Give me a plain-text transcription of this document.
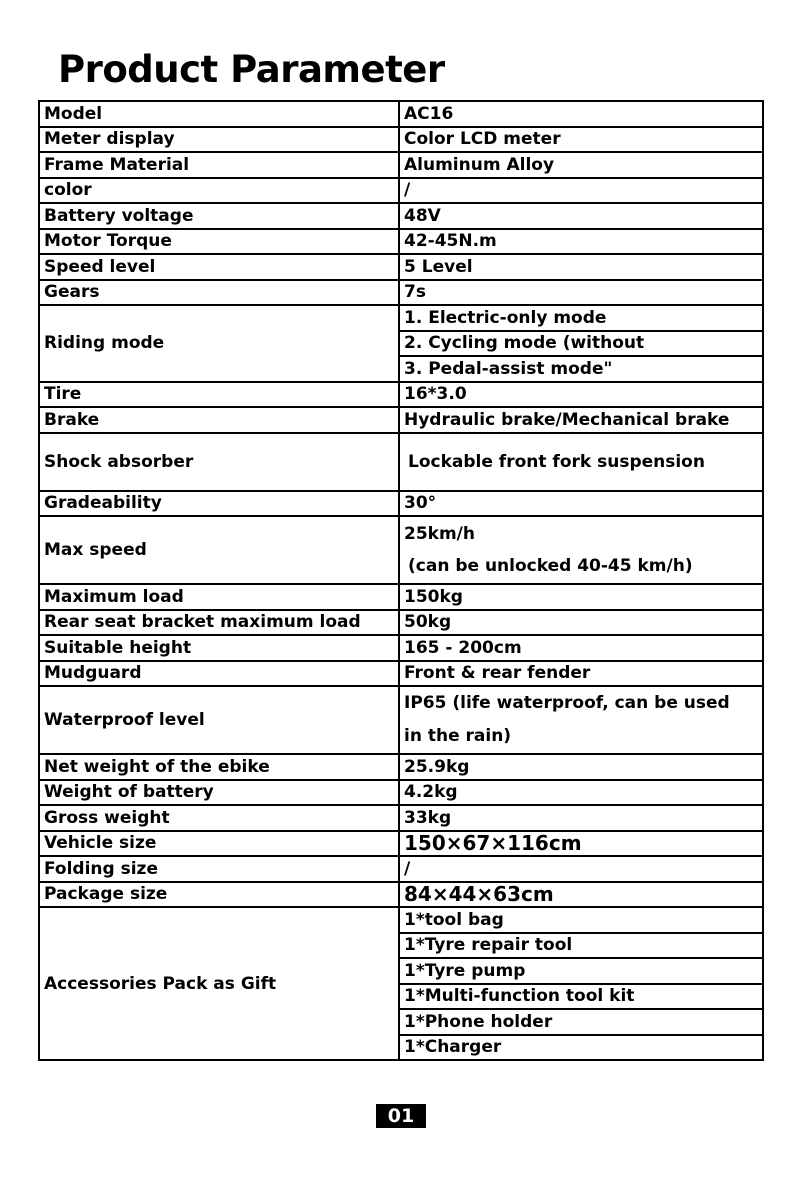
Product Parameter
Model	AC16
Meter display	Color LCD meter
Frame Material	Aluminum Alloy
color	/
Battery voltage	48V
Motor Torque	42-45N.m
Speed level	5 Level
Gears	7s
Riding mode	1. Electric-only mode
	2. Cycling mode (without
	3. Pedal-assist mode"
Tire	16*3.0
Brake	Hydraulic brake/Mechanical brake
Shock absorber	Lockable front fork suspension
Gradeability	30°
Max speed	25km/h
(can be unlocked 40-45 km/h)

Maximum load	150kg
Rear seat bracket maximum load	50kg
Suitable height	165 - 200cm
Mudguard	Front & rear fender
Waterproof level	IP65 (life waterproof, can be used
in the rain)

Net weight of the ebike	25.9kg
Weight of battery	4.2kg
Gross weight	33kg
Vehicle size	150×67×116cm
Folding size	/
Package size	84×44×63cm
Accessories Pack as Gift	1*tool bag
	1*Tyre repair tool
	1*Tyre pump
	1*Multi-function tool kit
	1*Phone holder
	1*Charger
01
